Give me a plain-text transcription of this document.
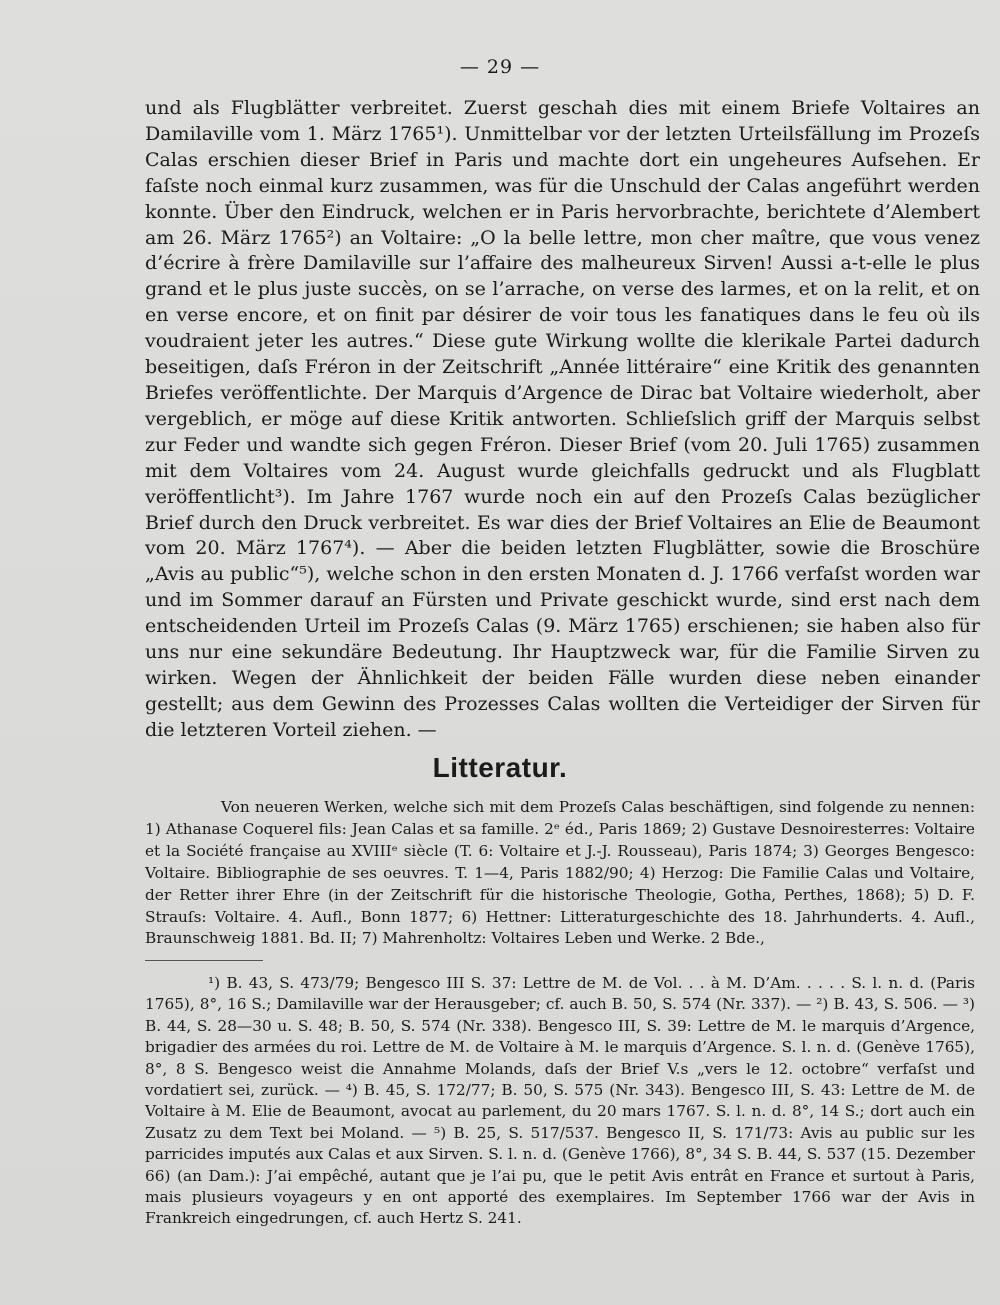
— 29 —

und als Flugblätter verbreitet. Zuerst geschah dies mit einem Briefe Voltaires an Damilaville vom 1. März 1765¹). Unmittelbar vor der letzten Urteilsfällung im Prozeſs Calas erschien dieser Brief in Paris und machte dort ein ungeheures Aufsehen. Er faſste noch einmal kurz zusammen, was für die Unschuld der Calas angeführt werden konnte. Über den Eindruck, welchen er in Paris hervorbrachte, berichtete d’Alembert am 26. März 1765²) an Voltaire: „O la belle lettre, mon cher maître, que vous venez d’écrire à frère Damilaville sur l’affaire des malheureux Sirven! Aussi a-t-elle le plus grand et le plus juste succès, on se l’arrache, on verse des larmes, et on la relit, et on en verse encore, et on finit par désirer de voir tous les fanatiques dans le feu où ils voudraient jeter les autres.“ Diese gute Wirkung wollte die klerikale Partei dadurch beseitigen, daſs Fréron in der Zeitschrift „Année littéraire“ eine Kritik des genannten Briefes veröffentlichte. Der Marquis d’Argence de Dirac bat Voltaire wiederholt, aber vergeblich, er möge auf diese Kritik antworten. Schlieſslich griff der Marquis selbst zur Feder und wandte sich gegen Fréron. Dieser Brief (vom 20. Juli 1765) zusammen mit dem Voltaires vom 24. August wurde gleichfalls gedruckt und als Flugblatt veröffentlicht³). Im Jahre 1767 wurde noch ein auf den Prozeſs Calas bezüglicher Brief durch den Druck verbreitet. Es war dies der Brief Voltaires an Elie de Beaumont vom 20. März 1767⁴). — Aber die beiden letzten Flugblätter, sowie die Broschüre „Avis au public“⁵), welche schon in den ersten Monaten d. J. 1766 verfaſst worden war und im Sommer darauf an Fürsten und Private geschickt wurde, sind erst nach dem entscheidenden Urteil im Prozeſs Calas (9. März 1765) erschienen; sie haben also für uns nur eine sekundäre Bedeutung. Ihr Hauptzweck war, für die Familie Sirven zu wirken. Wegen der Ähnlichkeit der beiden Fälle wurden diese neben einander gestellt; aus dem Gewinn des Prozesses Calas wollten die Verteidiger der Sirven für die letzteren Vorteil ziehen. —

Litteratur.

Von neueren Werken, welche sich mit dem Prozeſs Calas beschäftigen, sind folgende zu nennen: 1) Athanase Coquerel fils: Jean Calas et sa famille. 2ᵉ éd., Paris 1869; 2) Gustave Desnoiresterres: Voltaire et la Société française au XVIIIᵉ siècle (T. 6: Voltaire et J.-J. Rousseau), Paris 1874; 3) Georges Bengesco: Voltaire. Bibliographie de ses oeuvres. T. 1—4, Paris 1882/90; 4) Herzog: Die Familie Calas und Voltaire, der Retter ihrer Ehre (in der Zeitschrift für die historische Theologie, Gotha, Perthes, 1868); 5) D. F. Strauſs: Voltaire. 4. Aufl., Bonn 1877; 6) Hettner: Litteraturgeschichte des 18. Jahrhunderts. 4. Aufl., Braunschweig 1881. Bd. II; 7) Mahrenholtz: Voltaires Leben und Werke. 2 Bde.,

¹) B. 43, S. 473/79; Bengesco III S. 37: Lettre de M. de Vol. . . à M. D’Am. . . . . S. l. n. d. (Paris 1765), 8°, 16 S.; Damilaville war der Herausgeber; cf. auch B. 50, S. 574 (Nr. 337). — ²) B. 43, S. 506. — ³) B. 44, S. 28—30 u. S. 48; B. 50, S. 574 (Nr. 338). Bengesco III, S. 39: Lettre de M. le marquis d’Argence, brigadier des armées du roi. Lettre de M. de Voltaire à M. le marquis d’Argence. S. l. n. d. (Genève 1765), 8°, 8 S. Bengesco weist die Annahme Molands, daſs der Brief V.s „vers le 12. octobre“ verfaſst und vordatiert sei, zurück. — ⁴) B. 45, S. 172/77; B. 50, S. 575 (Nr. 343). Bengesco III, S. 43: Lettre de M. de Voltaire à M. Elie de Beaumont, avocat au parlement, du 20 mars 1767. S. l. n. d. 8°, 14 S.; dort auch ein Zusatz zu dem Text bei Moland. — ⁵) B. 25, S. 517/537. Bengesco II, S. 171/73: Avis au public sur les parricides imputés aux Calas et aux Sirven. S. l. n. d. (Genève 1766), 8°, 34 S. B. 44, S. 537 (15. Dezember 66) (an Dam.): J’ai empêché, autant que je l’ai pu, que le petit Avis entrât en France et surtout à Paris, mais plusieurs voyageurs y en ont apporté des exemplaires. Im September 1766 war der Avis in Frankreich eingedrungen, cf. auch Hertz S. 241.
